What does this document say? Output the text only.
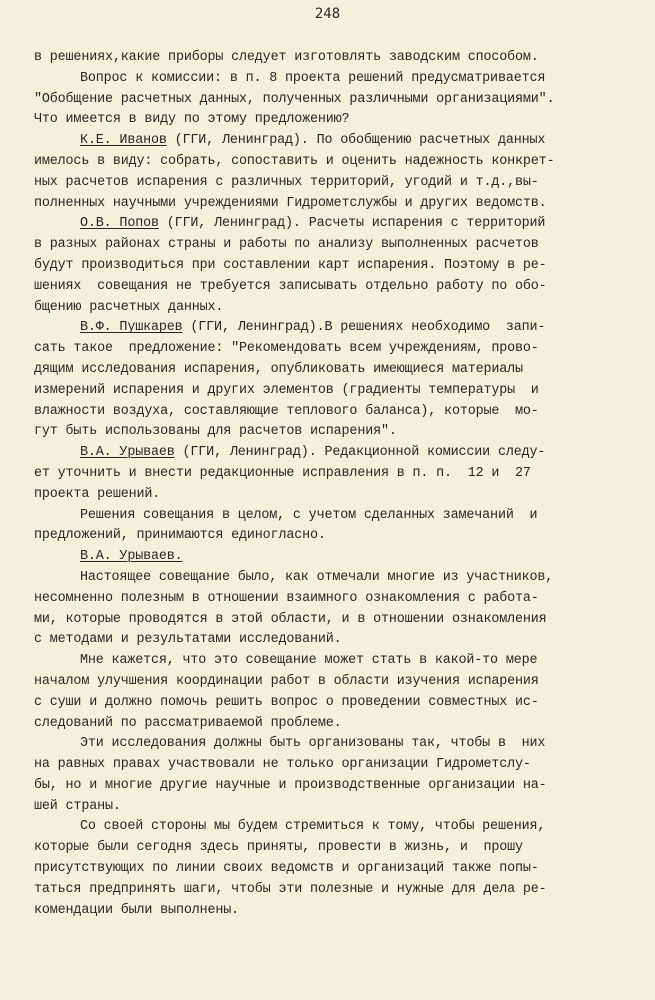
248
в решениях,какие приборы следует изготовлять заводским способом.
Вопрос к комиссии: в п. 8 проекта решений предусматривается
"Обобщение расчетных данных, полученных различными организациями".
Что имеется в виду по этому предложению?
К.Е. Иванов (ГГИ, Ленинград). По обобщению расчетных данных
имелось в виду: собрать, сопоставить и оценить надежность конкрет-
ных расчетов испарения с различных территорий, угодий и т.д.,вы-
полненных научными учреждениями Гидрометслужбы и других ведомств.
О.В. Попов (ГГИ, Ленинград). Расчеты испарения с территорий
в разных районах страны и работы по анализу выполненных расчетов
будут производиться при составлении карт испарения. Поэтому в ре-
шениях  совещания не требуется записывать отдельно работу по обо-
бщению расчетных данных.
В.Ф. Пушкарев (ГГИ, Ленинград).В решениях необходимо  запи-
сать такое  предложение: "Рекомендовать всем учреждениям, прово-
дящим исследования испарения, опубликовать имеющиеся материалы
измерений испарения и других элементов (градиенты температуры  и
влажности воздуха, составляющие теплового баланса), которые  мо-
гут быть использованы для расчетов испарения".
В.А. Урываев (ГГИ, Ленинград). Редакционной комиссии следу-
ет уточнить и внести редакционные исправления в п. п.  12 и  27
проекта решений.
Решения совещания в целом, с учетом сделанных замечаний  и
предложений, принимаются единогласно.
В.А. Урываев.
Настоящее совещание было, как отмечали многие из участников,
несомненно полезным в отношении взаимного ознакомления с работа-
ми, которые проводятся в этой области, и в отношении ознакомления
с методами и результатами исследований.
Мне кажется, что это совещание может стать в какой-то мере
началом улучшения координации работ в области изучения испарения
с суши и должно помочь решить вопрос о проведении совместных ис-
следований по рассматриваемой проблеме.
Эти исследования должны быть организованы так, чтобы в  них
на равных правах участвовали не только организации Гидрометслу-
бы, но и многие другие научные и производственные организации на-
шей страны.
Со своей стороны мы будем стремиться к тому, чтобы решения,
которые были сегодня здесь приняты, провести в жизнь, и  прошу
присутствующих по линии своих ведомств и организаций также попы-
таться предпринять шаги, чтобы эти полезные и нужные для дела ре-
комендации были выполнены.
